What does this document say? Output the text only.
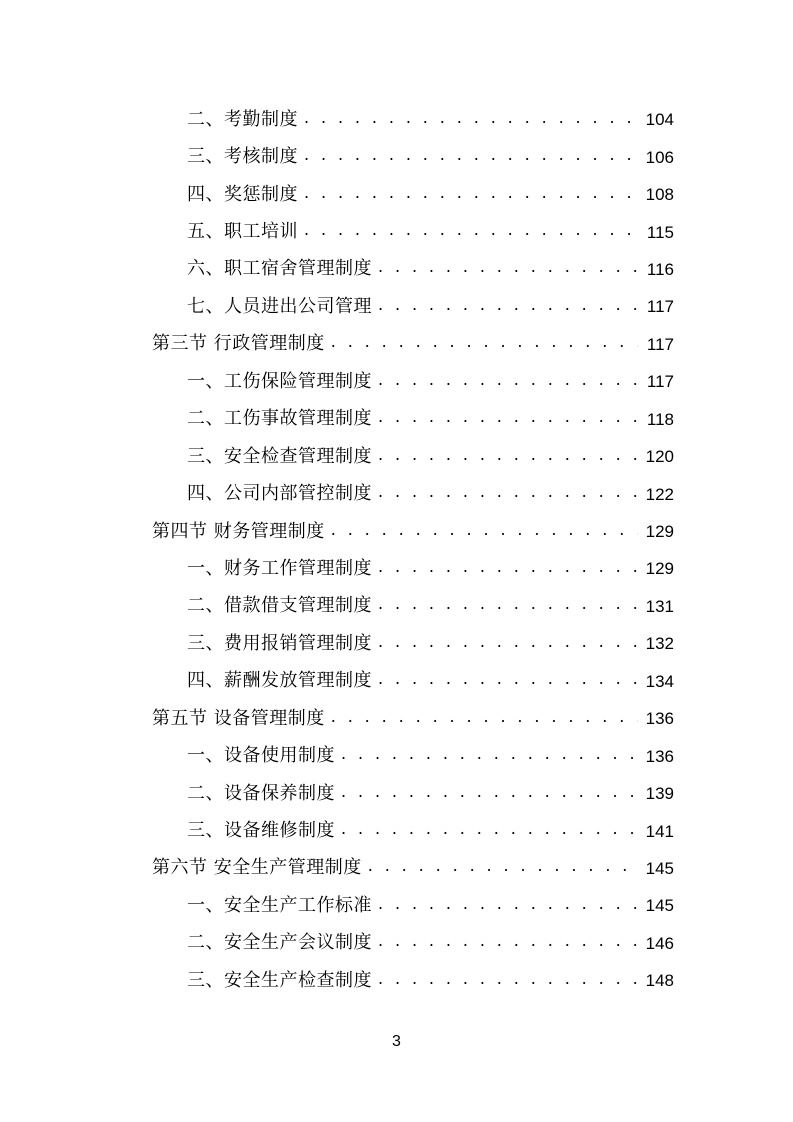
二、考勤制度 . . .	104
三、考核制度 . . .	106
四、奖惩制度 . . .	108
五、职工培训 . . .	115
六、职工宿舍管理制度 . . .	116
七、人员进出公司管理 . . .	117
第三节 行政管理制度 . . .	117
一、工伤保险管理制度 . . .	117
二、工伤事故管理制度 . . .	118
三、安全检查管理制度 . . .	120
四、公司内部管控制度 . . .	122
第四节 财务管理制度 . . .	129
一、财务工作管理制度 . . .	129
二、借款借支管理制度 . . .	131
三、费用报销管理制度 . . .	132
四、薪酬发放管理制度 . . .	134
第五节 设备管理制度 . . .	136
一、设备使用制度 . . .	136
二、设备保养制度 . . .	139
三、设备维修制度 . . .	141
第六节 安全生产管理制度 . . .	145
一、安全生产工作标准 . . .	145
二、安全生产会议制度 . . .	146
三、安全生产检查制度 . . .	148
3
